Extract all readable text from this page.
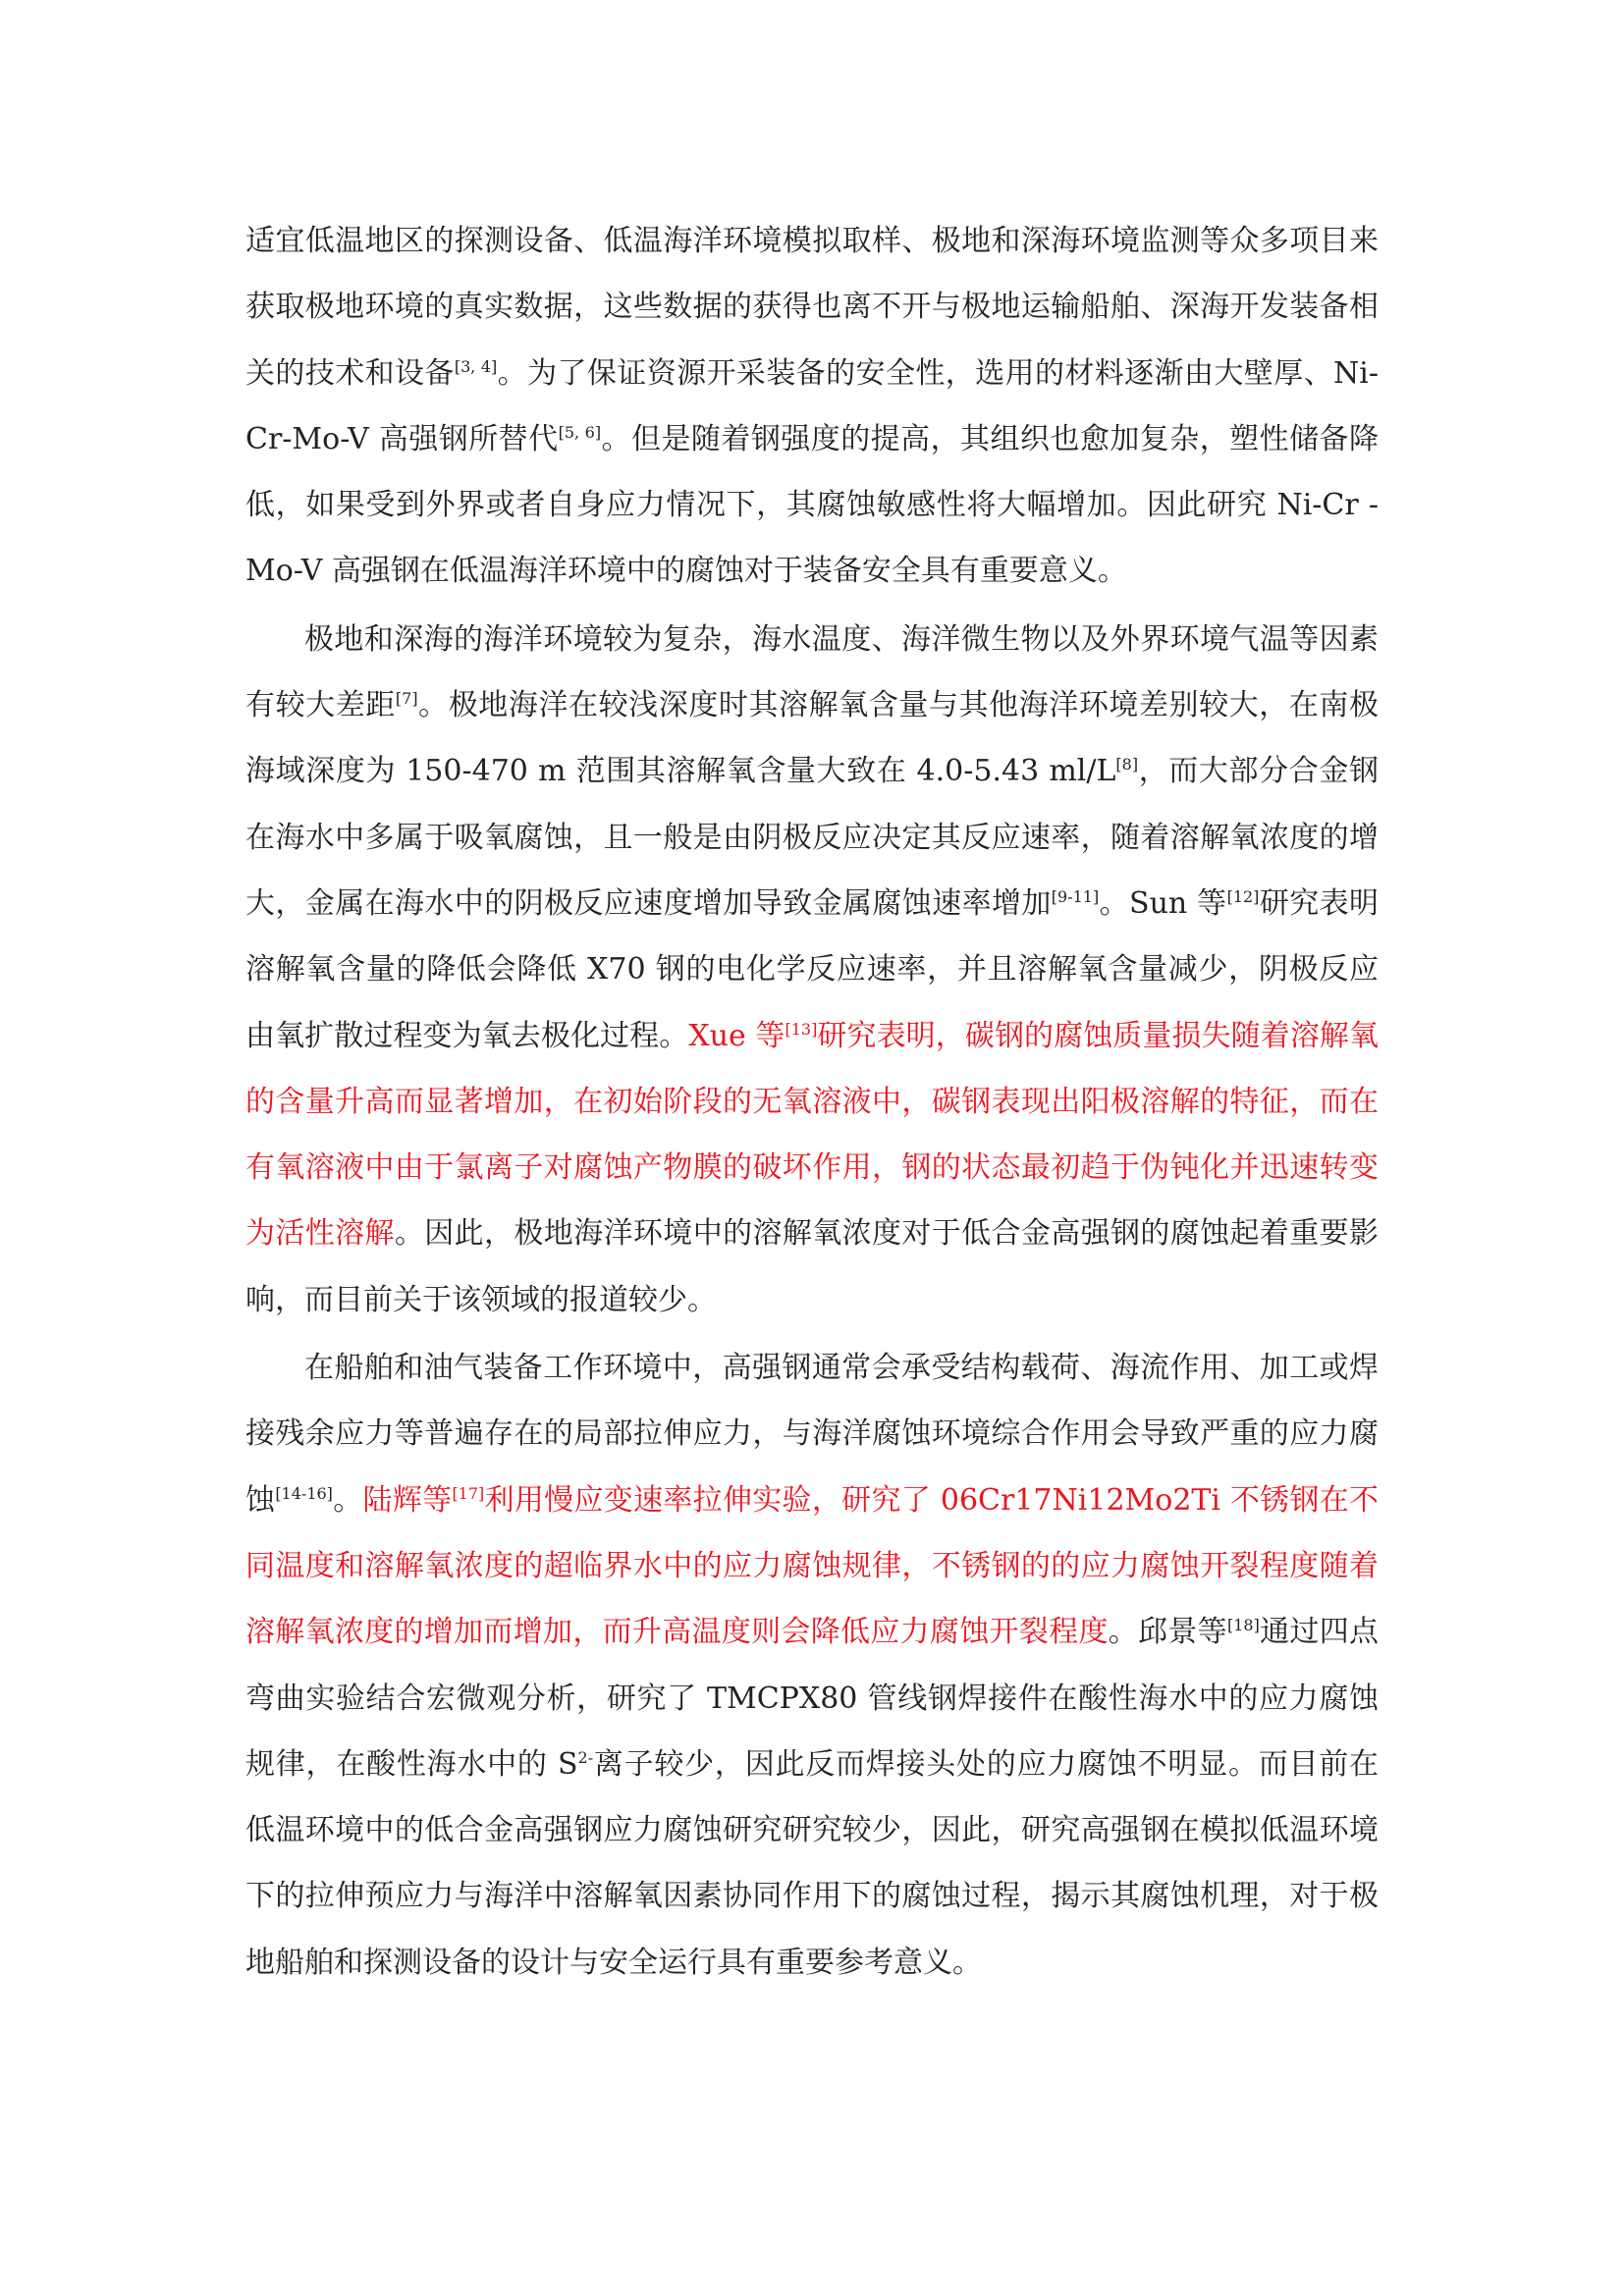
适宜低温地区的探测设备、低温海洋环境模拟取样、极地和深海环境监测等众多项目来获取极地环境的真实数据，这些数据的获得也离不开与极地运输船舶、深海开发装备相关的技术和设备[3, 4]。为了保证资源开采装备的安全性，选用的材料逐渐由大壁厚、Ni-Cr-Mo-V 高强钢所替代[5, 6]。但是随着钢强度的提高，其组织也愈加复杂，塑性储备降低，如果受到外界或者自身应力情况下，其腐蚀敏感性将大幅增加。因此研究 Ni-Cr -Mo-V 高强钢在低温海洋环境中的腐蚀对于装备安全具有重要意义。

极地和深海的海洋环境较为复杂，海水温度、海洋微生物以及外界环境气温等因素有较大差距[7]。极地海洋在较浅深度时其溶解氧含量与其他海洋环境差别较大，在南极海域深度为 150-470 m 范围其溶解氧含量大致在 4.0-5.43 ml/L[8]，而大部分合金钢在海水中多属于吸氧腐蚀，且一般是由阴极反应决定其反应速率，随着溶解氧浓度的增大，金属在海水中的阴极反应速度增加导致金属腐蚀速率增加[9-11]。Sun 等[12]研究表明溶解氧含量的降低会降低 X70 钢的电化学反应速率，并且溶解氧含量减少，阴极反应由氧扩散过程变为氧去极化过程。Xue 等[13]研究表明，碳钢的腐蚀质量损失随着溶解氧的含量升高而显著增加，在初始阶段的无氧溶液中，碳钢表现出阳极溶解的特征，而在有氧溶液中由于氯离子对腐蚀产物膜的破坏作用，钢的状态最初趋于伪钝化并迅速转变为活性溶解。因此，极地海洋环境中的溶解氧浓度对于低合金高强钢的腐蚀起着重要影响，而目前关于该领域的报道较少。

在船舶和油气装备工作环境中，高强钢通常会承受结构载荷、海流作用、加工或焊接残余应力等普遍存在的局部拉伸应力，与海洋腐蚀环境综合作用会导致严重的应力腐蚀[14-16]。陆辉等[17]利用慢应变速率拉伸实验，研究了 06Cr17Ni12Mo2Ti 不锈钢在不同温度和溶解氧浓度的超临界水中的应力腐蚀规律，不锈钢的的应力腐蚀开裂程度随着溶解氧浓度的增加而增加，而升高温度则会降低应力腐蚀开裂程度。邱景等[18]通过四点弯曲实验结合宏微观分析，研究了 TMCPX80 管线钢焊接件在酸性海水中的应力腐蚀规律，在酸性海水中的 $S^{2-}$离子较少，因此反而焊接头处的应力腐蚀不明显。而目前在低温环境中的低合金高强钢应力腐蚀研究研究较少，因此，研究高强钢在模拟低温环境下的拉伸预应力与海洋中溶解氧因素协同作用下的腐蚀过程，揭示其腐蚀机理，对于极地船舶和探测设备的设计与安全运行具有重要参考意义。
